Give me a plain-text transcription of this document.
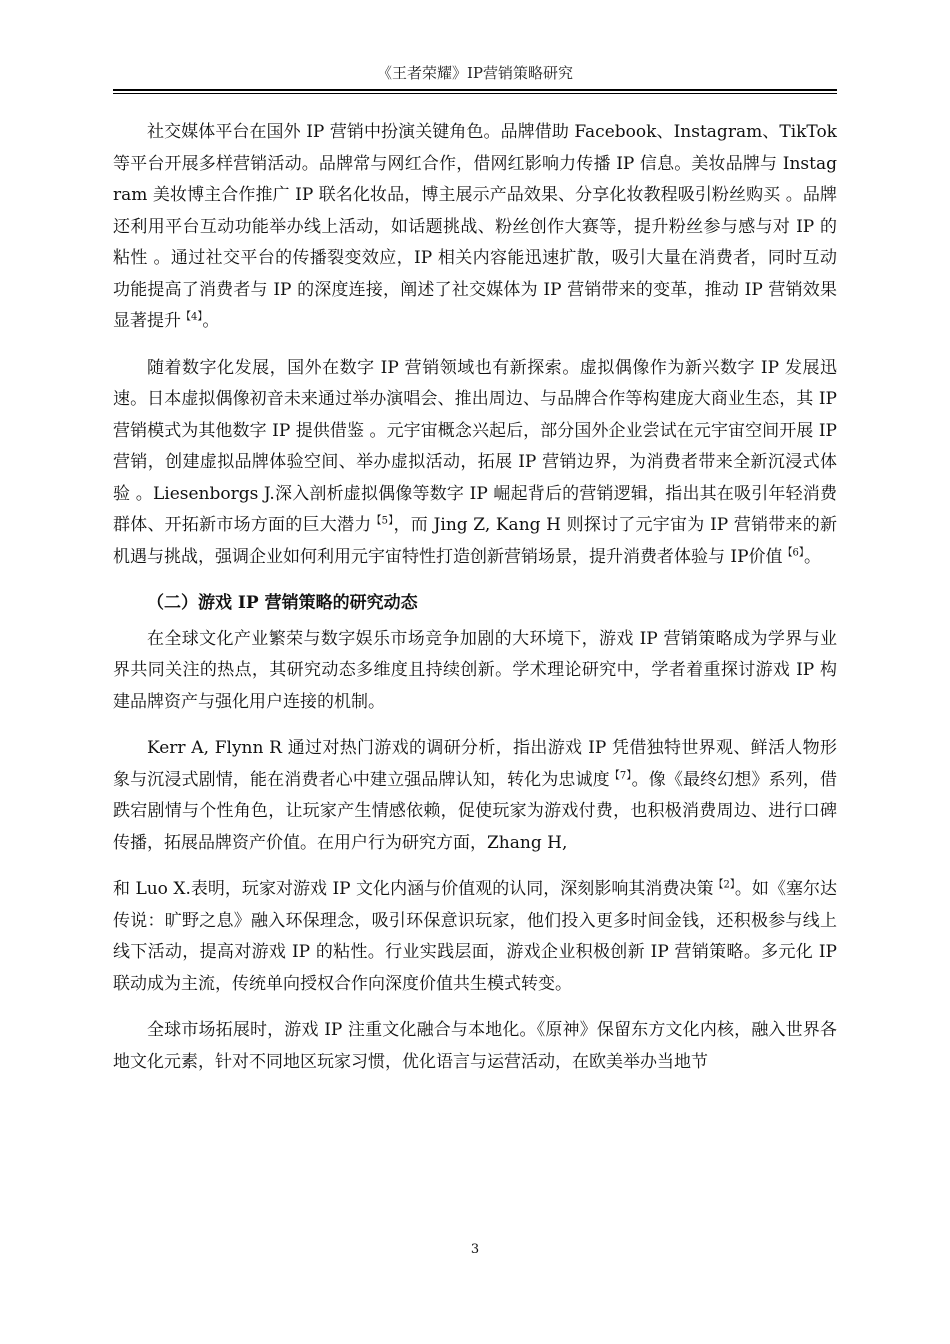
《王者荣耀》IP营销策略研究

社交媒体平台在国外 IP 营销中扮演关键角色。品牌借助 Facebook、Instagram、TikTok 等平台开展多样营销活动。品牌常与网红合作，借网红影响力传播 IP 信息。美妆品牌与 Instagram 美妆博主合作推广 IP 联名化妆品，博主展示产品效果、分享化妆教程吸引粉丝购买 。品牌还利用平台互动功能举办线上活动，如话题挑战、粉丝创作大赛等，提升粉丝参与感与对 IP 的粘性 。通过社交平台的传播裂变效应，IP 相关内容能迅速扩散，吸引大量在消费者，同时互动功能提高了消费者与 IP 的深度连接，阐述了社交媒体为 IP 营销带来的变革，推动 IP 营销效果显著提升$^{【4】}$。

随着数字化发展，国外在数字 IP 营销领域也有新探索。虚拟偶像作为新兴数字 IP 发展迅速。日本虚拟偶像初音未来通过举办演唱会、推出周边、与品牌合作等构建庞大商业生态，其 IP 营销模式为其他数字 IP 提供借鉴 。元宇宙概念兴起后，部分国外企业尝试在元宇宙空间开展 IP 营销，创建虚拟品牌体验空间、举办虚拟活动，拓展 IP 营销边界，为消费者带来全新沉浸式体验 。Liesenborgs J.深入剖析虚拟偶像等数字 IP 崛起背后的营销逻辑，指出其在吸引年轻消费群体、开拓新市场方面的巨大潜力$^{【5】}$，而 Jing Z, Kang H 则探讨了元宇宙为 IP 营销带来的新机遇与挑战，强调企业如何利用元宇宙特性打造创新营销场景，提升消费者体验与 IP价值$^{【6】}$。

（二）游戏 IP 营销策略的研究动态

在全球文化产业繁荣与数字娱乐市场竞争加剧的大环境下，游戏 IP 营销策略成为学界与业界共同关注的热点，其研究动态多维度且持续创新。学术理论研究中，学者着重探讨游戏 IP 构建品牌资产与强化用户连接的机制。

Kerr A, Flynn R 通过对热门游戏的调研分析，指出游戏 IP 凭借独特世界观、鲜活人物形象与沉浸式剧情，能在消费者心中建立强品牌认知，转化为忠诚度$^{【7】}$。像《最终幻想》系列，借跌宕剧情与个性角色，让玩家产生情感依赖，促使玩家为游戏付费，也积极消费周边、进行口碑传播，拓展品牌资产价值。在用户行为研究方面，Zhang H,

和 Luo X.表明，玩家对游戏 IP 文化内涵与价值观的认同，深刻影响其消费决策$^{【2】}$。如《塞尔达传说：旷野之息》融入环保理念，吸引环保意识玩家，他们投入更多时间金钱，还积极参与线上线下活动，提高对游戏 IP 的粘性。行业实践层面，游戏企业积极创新 IP 营销策略。多元化 IP 联动成为主流，传统单向授权合作向深度价值共生模式转变。

全球市场拓展时，游戏 IP 注重文化融合与本地化。《原神》保留东方文化内核，融入世界各地文化元素，针对不同地区玩家习惯，优化语言与运营活动，在欧美举办当地节

3
